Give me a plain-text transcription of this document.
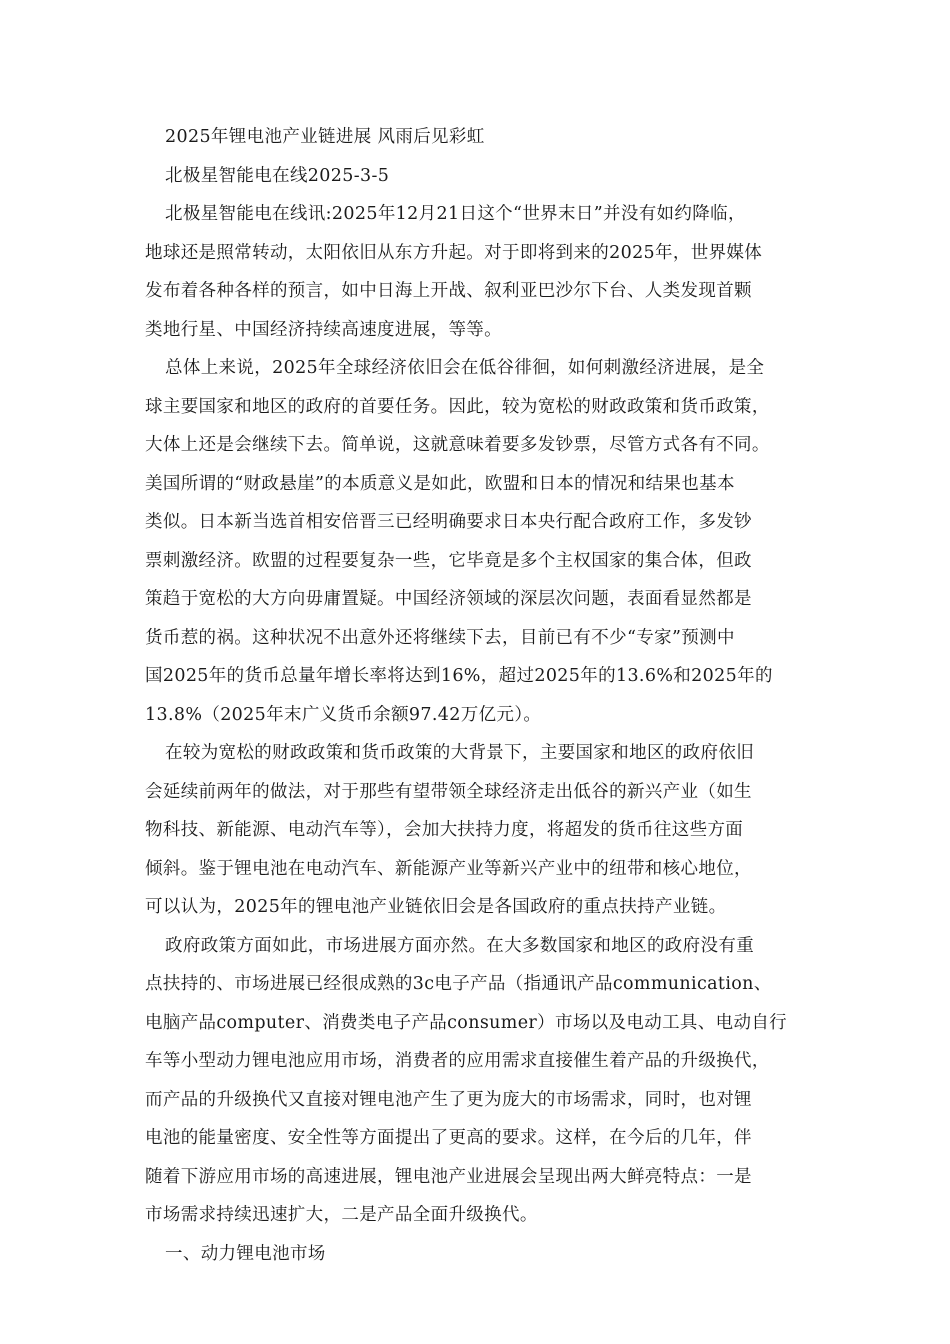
2025年锂电池产业链进展 风雨后见彩虹
北极星智能电在线2025-3-5
北极星智能电在线讯:2025年12月21日这个“世界末日”并没有如约降临，
地球还是照常转动，太阳依旧从东方升起。对于即将到来的2025年，世界媒体
发布着各种各样的预言，如中日海上开战、叙利亚巴沙尔下台、人类发现首颗
类地行星、中国经济持续高速度进展，等等。
总体上来说，2025年全球经济依旧会在低谷徘徊，如何刺激经济进展，是全
球主要国家和地区的政府的首要任务。因此，较为宽松的财政政策和货币政策，
大体上还是会继续下去。简单说，这就意味着要多发钞票，尽管方式各有不同。
美国所谓的“财政悬崖”的本质意义是如此，欧盟和日本的情况和结果也基本
类似。日本新当选首相安倍晋三已经明确要求日本央行配合政府工作，多发钞
票刺激经济。欧盟的过程要复杂一些，它毕竟是多个主权国家的集合体，但政
策趋于宽松的大方向毋庸置疑。中国经济领域的深层次问题，表面看显然都是
货币惹的祸。这种状况不出意外还将继续下去，目前已有不少“专家”预测中
国2025年的货币总量年增长率将达到16%，超过2025年的13.6%和2025年的
13.8%（2025年末广义货币余额97.42万亿元）。
在较为宽松的财政政策和货币政策的大背景下，主要国家和地区的政府依旧
会延续前两年的做法，对于那些有望带领全球经济走出低谷的新兴产业（如生
物科技、新能源、电动汽车等），会加大扶持力度，将超发的货币往这些方面
倾斜。鉴于锂电池在电动汽车、新能源产业等新兴产业中的纽带和核心地位，
可以认为，2025年的锂电池产业链依旧会是各国政府的重点扶持产业链。
政府政策方面如此，市场进展方面亦然。在大多数国家和地区的政府没有重
点扶持的、市场进展已经很成熟的3c电子产品（指通讯产品communication、
电脑产品computer、消费类电子产品consumer）市场以及电动工具、电动自行
车等小型动力锂电池应用市场，消费者的应用需求直接催生着产品的升级换代，
而产品的升级换代又直接对锂电池产生了更为庞大的市场需求，同时，也对锂
电池的能量密度、安全性等方面提出了更高的要求。这样，在今后的几年，伴
随着下游应用市场的高速进展，锂电池产业进展会呈现出两大鲜亮特点：一是
市场需求持续迅速扩大，二是产品全面升级换代。
一、动力锂电池市场
